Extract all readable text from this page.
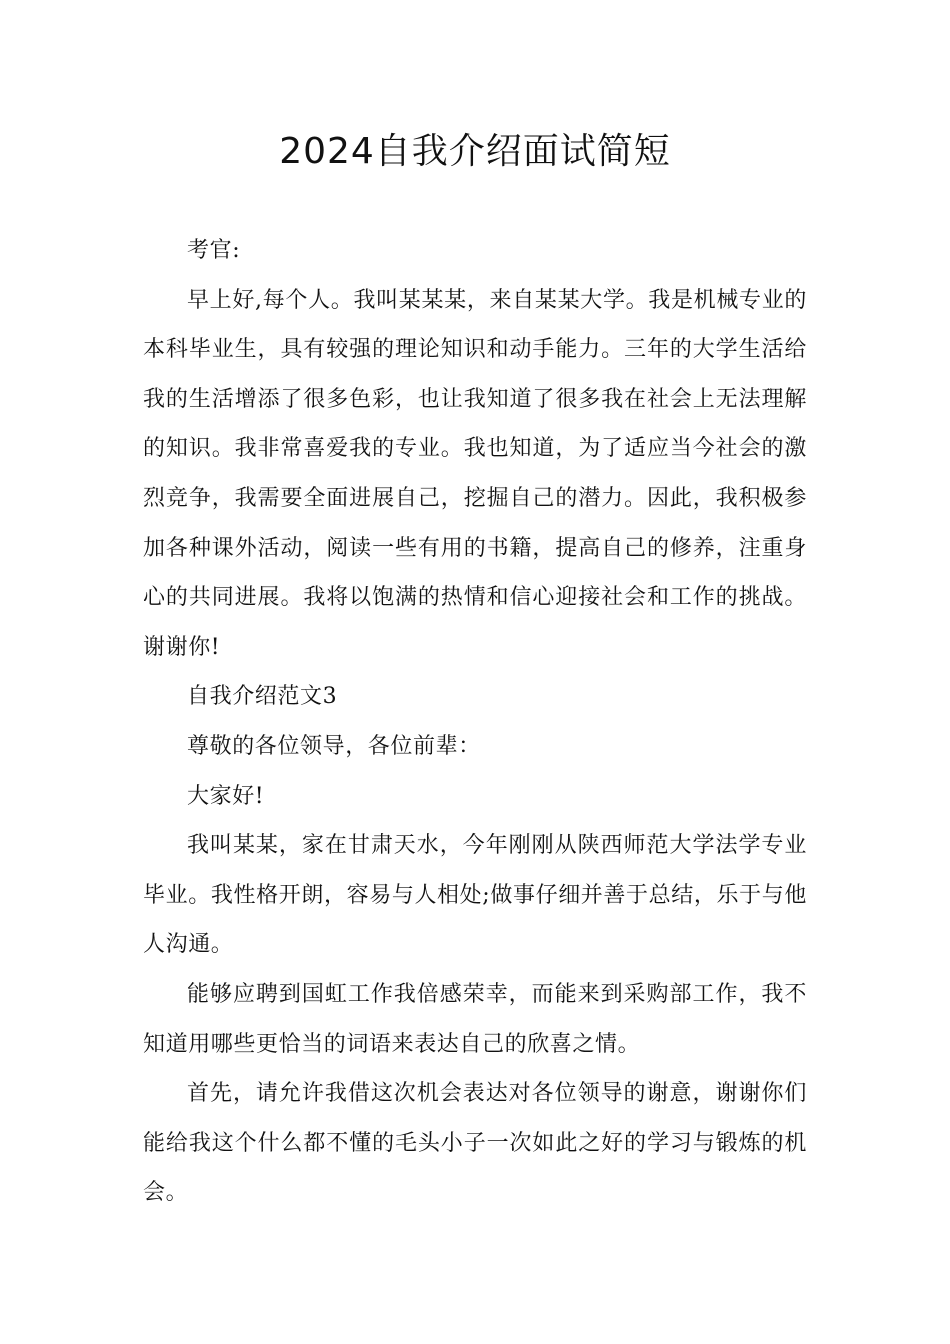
2024自我介绍面试简短

考官:

早上好,每个人。我叫某某某，来自某某大学。我是机械专业的本科毕业生，具有较强的理论知识和动手能力。三年的大学生活给我的生活增添了很多色彩，也让我知道了很多我在社会上无法理解的知识。我非常喜爱我的专业。我也知道，为了适应当今社会的激烈竞争，我需要全面进展自己，挖掘自己的潜力。因此，我积极参加各种课外活动，阅读一些有用的书籍，提高自己的修养，注重身心的共同进展。我将以饱满的热情和信心迎接社会和工作的挑战。谢谢你!

自我介绍范文3

尊敬的各位领导，各位前辈：

大家好!

我叫某某，家在甘肃天水，今年刚刚从陕西师范大学法学专业毕业。我性格开朗，容易与人相处;做事仔细并善于总结，乐于与他人沟通。

能够应聘到国虹工作我倍感荣幸，而能来到采购部工作，我不知道用哪些更恰当的词语来表达自己的欣喜之情。

首先，请允许我借这次机会表达对各位领导的谢意，谢谢你们能给我这个什么都不懂的毛头小子一次如此之好的学习与锻炼的机会。
